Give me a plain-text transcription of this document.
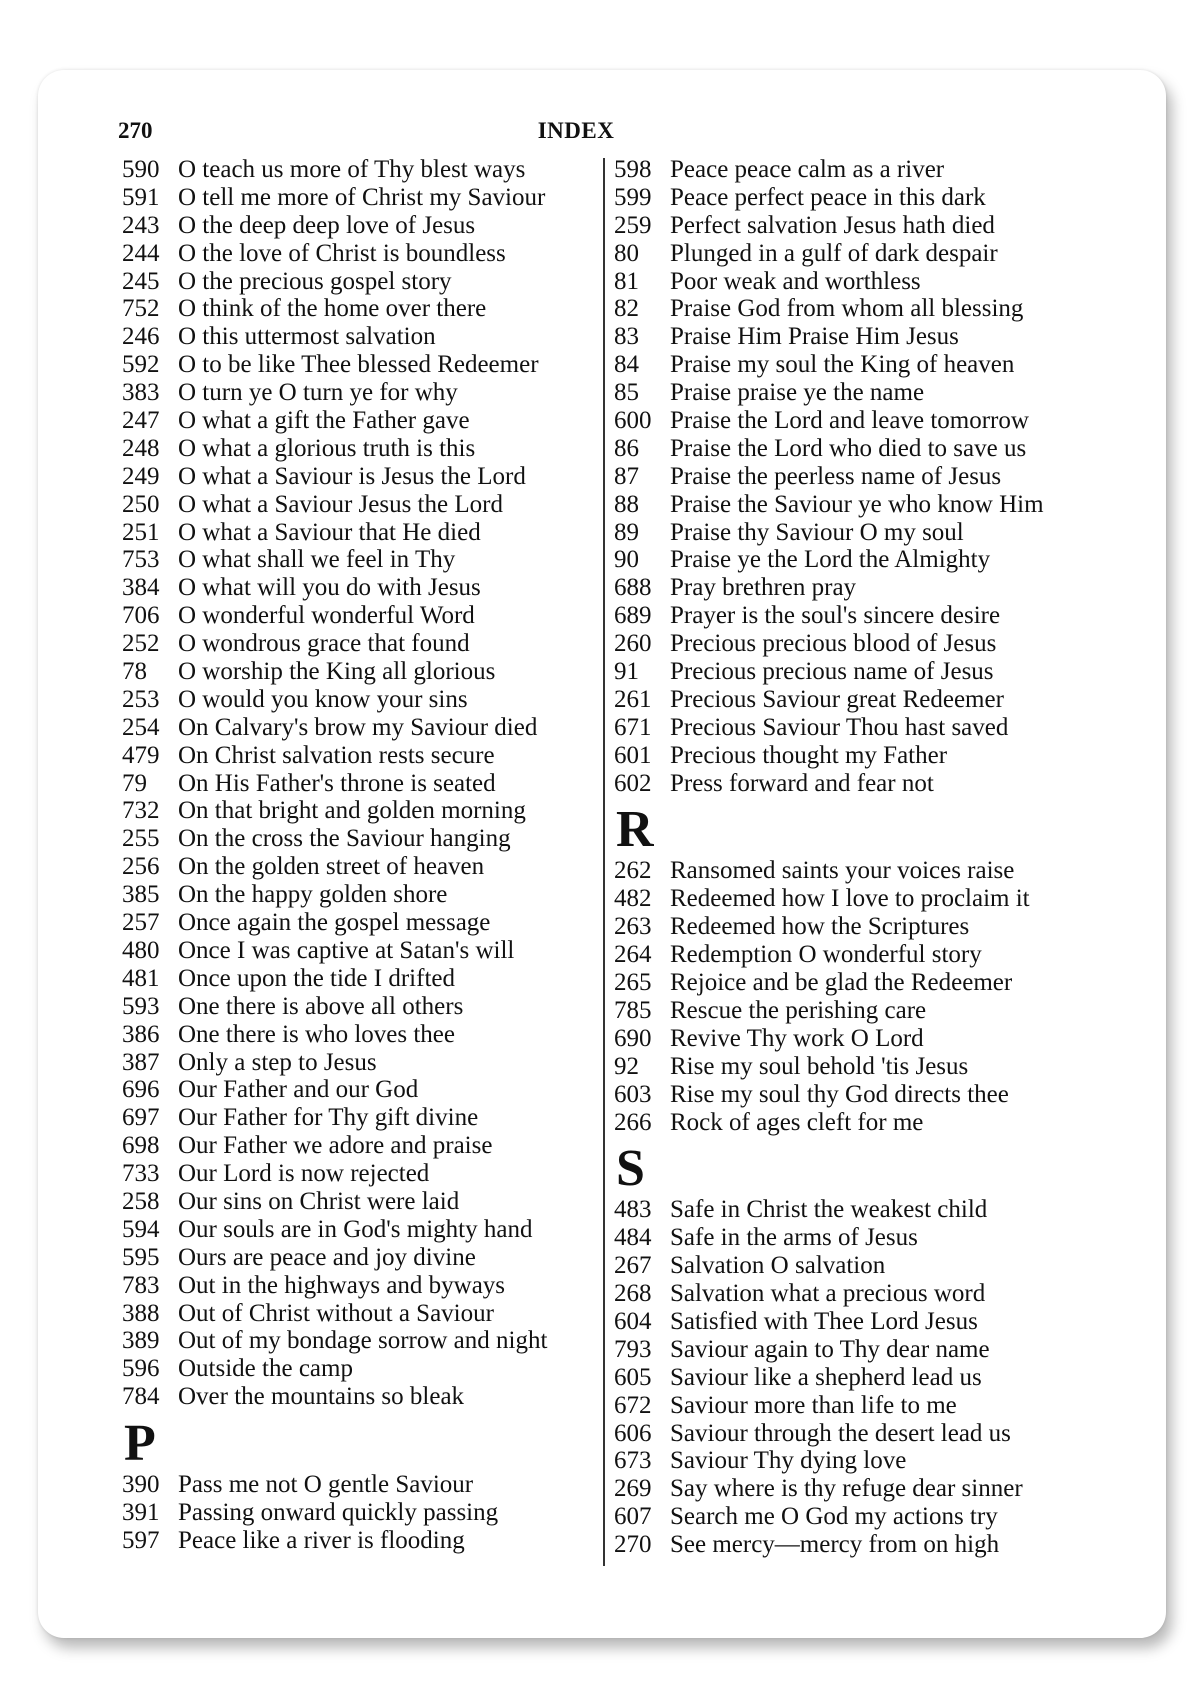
270	INDEX
590 O teach us more of Thy blest ways
591 O tell me more of Christ my Saviour
243 O the deep deep love of Jesus
244 O the love of Christ is boundless
245 O the precious gospel story
752 O think of the home over there
246 O this uttermost salvation
592 O to be like Thee blessed Redeemer
383 O turn ye O turn ye for why
247 O what a gift the Father gave
248 O what a glorious truth is this
249 O what a Saviour is Jesus the Lord
250 O what a Saviour Jesus the Lord
251 O what a Saviour that He died
753 O what shall we feel in Thy
384 O what will you do with Jesus
706 O wonderful wonderful Word
252 O wondrous grace that found
78 O worship the King all glorious
253 O would you know your sins
254 On Calvary's brow my Saviour died
479 On Christ salvation rests secure
79 On His Father's throne is seated
732 On that bright and golden morning
255 On the cross the Saviour hanging
256 On the golden street of heaven
385 On the happy golden shore
257 Once again the gospel message
480 Once I was captive at Satan's will
481 Once upon the tide I drifted
593 One there is above all others
386 One there is who loves thee
387 Only a step to Jesus
696 Our Father and our God
697 Our Father for Thy gift divine
698 Our Father we adore and praise
733 Our Lord is now rejected
258 Our sins on Christ were laid
594 Our souls are in God's mighty hand
595 Ours are peace and joy divine
783 Out in the highways and byways
388 Out of Christ without a Saviour
389 Out of my bondage sorrow and night
596 Outside the camp
784 Over the mountains so bleak
P
390 Pass me not O gentle Saviour
391 Passing onward quickly passing
597 Peace like a river is flooding
598 Peace peace calm as a river
599 Peace perfect peace in this dark
259 Perfect salvation Jesus hath died
80 Plunged in a gulf of dark despair
81 Poor weak and worthless
82 Praise God from whom all blessing
83 Praise Him Praise Him Jesus
84 Praise my soul the King of heaven
85 Praise praise ye the name
600 Praise the Lord and leave tomorrow
86 Praise the Lord who died to save us
87 Praise the peerless name of Jesus
88 Praise the Saviour ye who know Him
89 Praise thy Saviour O my soul
90 Praise ye the Lord the Almighty
688 Pray brethren pray
689 Prayer is the soul's sincere desire
260 Precious precious blood of Jesus
91 Precious precious name of Jesus
261 Precious Saviour great Redeemer
671 Precious Saviour Thou hast saved
601 Precious thought my Father
602 Press forward and fear not
R
262 Ransomed saints your voices raise
482 Redeemed how I love to proclaim it
263 Redeemed how the Scriptures
264 Redemption O wonderful story
265 Rejoice and be glad the Redeemer
785 Rescue the perishing care
690 Revive Thy work O Lord
92 Rise my soul behold 'tis Jesus
603 Rise my soul thy God directs thee
266 Rock of ages cleft for me
S
483 Safe in Christ the weakest child
484 Safe in the arms of Jesus
267 Salvation O salvation
268 Salvation what a precious word
604 Satisfied with Thee Lord Jesus
793 Saviour again to Thy dear name
605 Saviour like a shepherd lead us
672 Saviour more than life to me
606 Saviour through the desert lead us
673 Saviour Thy dying love
269 Say where is thy refuge dear sinner
607 Search me O God my actions try
270 See mercy—mercy from on high
